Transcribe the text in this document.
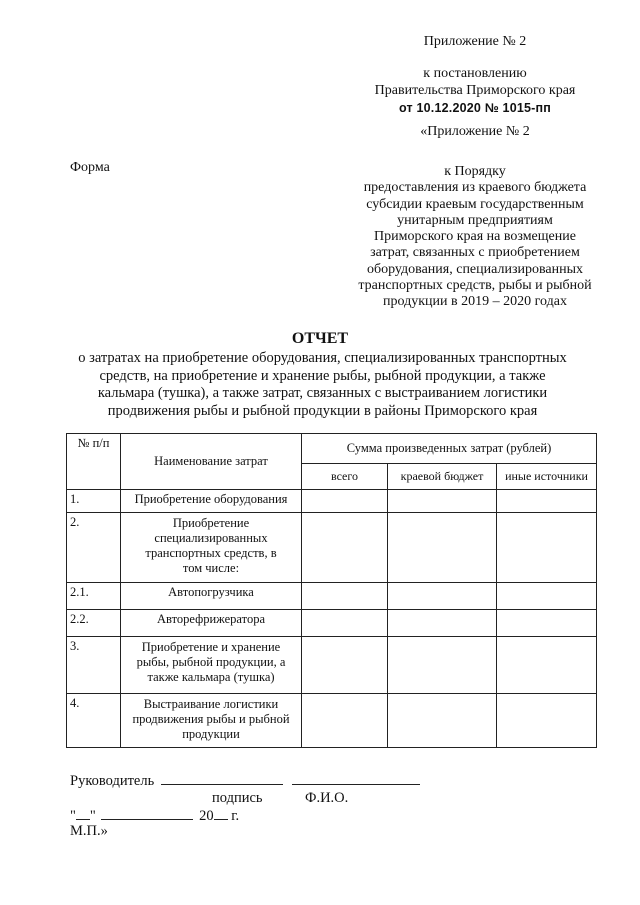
Приложение № 2
к постановлению
Правительства Приморского края
от 10.12.2020 № 1015-пп
«Приложение № 2
Форма	к Порядку
предоставления из краевого бюджета
субсидии краевым государственным
унитарным предприятиям
Приморского края на возмещение
затрат, связанных с приобретением
оборудования, специализированных
транспортных средств, рыбы и рыбной
продукции в 2019 – 2020 годах
ОТЧЕТ
о затратах на приобретение оборудования, специализированных транспортных
средств, на приобретение и хранение рыбы, рыбной продукции, а также
кальмара (тушка), а также затрат, связанных с выстраиванием логистики
продвижения рыбы и рыбной продукции в районы Приморского края
№ п/п	Наименование затрат	Сумма произведенных затрат (рублей)		
		всего	краевой бюджет	иные источники
1.	Приобретение оборудования			
2.	Приобретение специализированных транспортных средств, в том числе:			
2.1.	Автопогрузчика			
2.2.	Авторефрижератора			
3.	Приобретение и хранение рыбы, рыбной продукции, а также кальмара (тушка)			
4.	Выстраивание логистики продвижения рыбы и рыбной продукции			
Руководитель
подпись	Ф.И.О.
" "	20 г.
М.П.»
